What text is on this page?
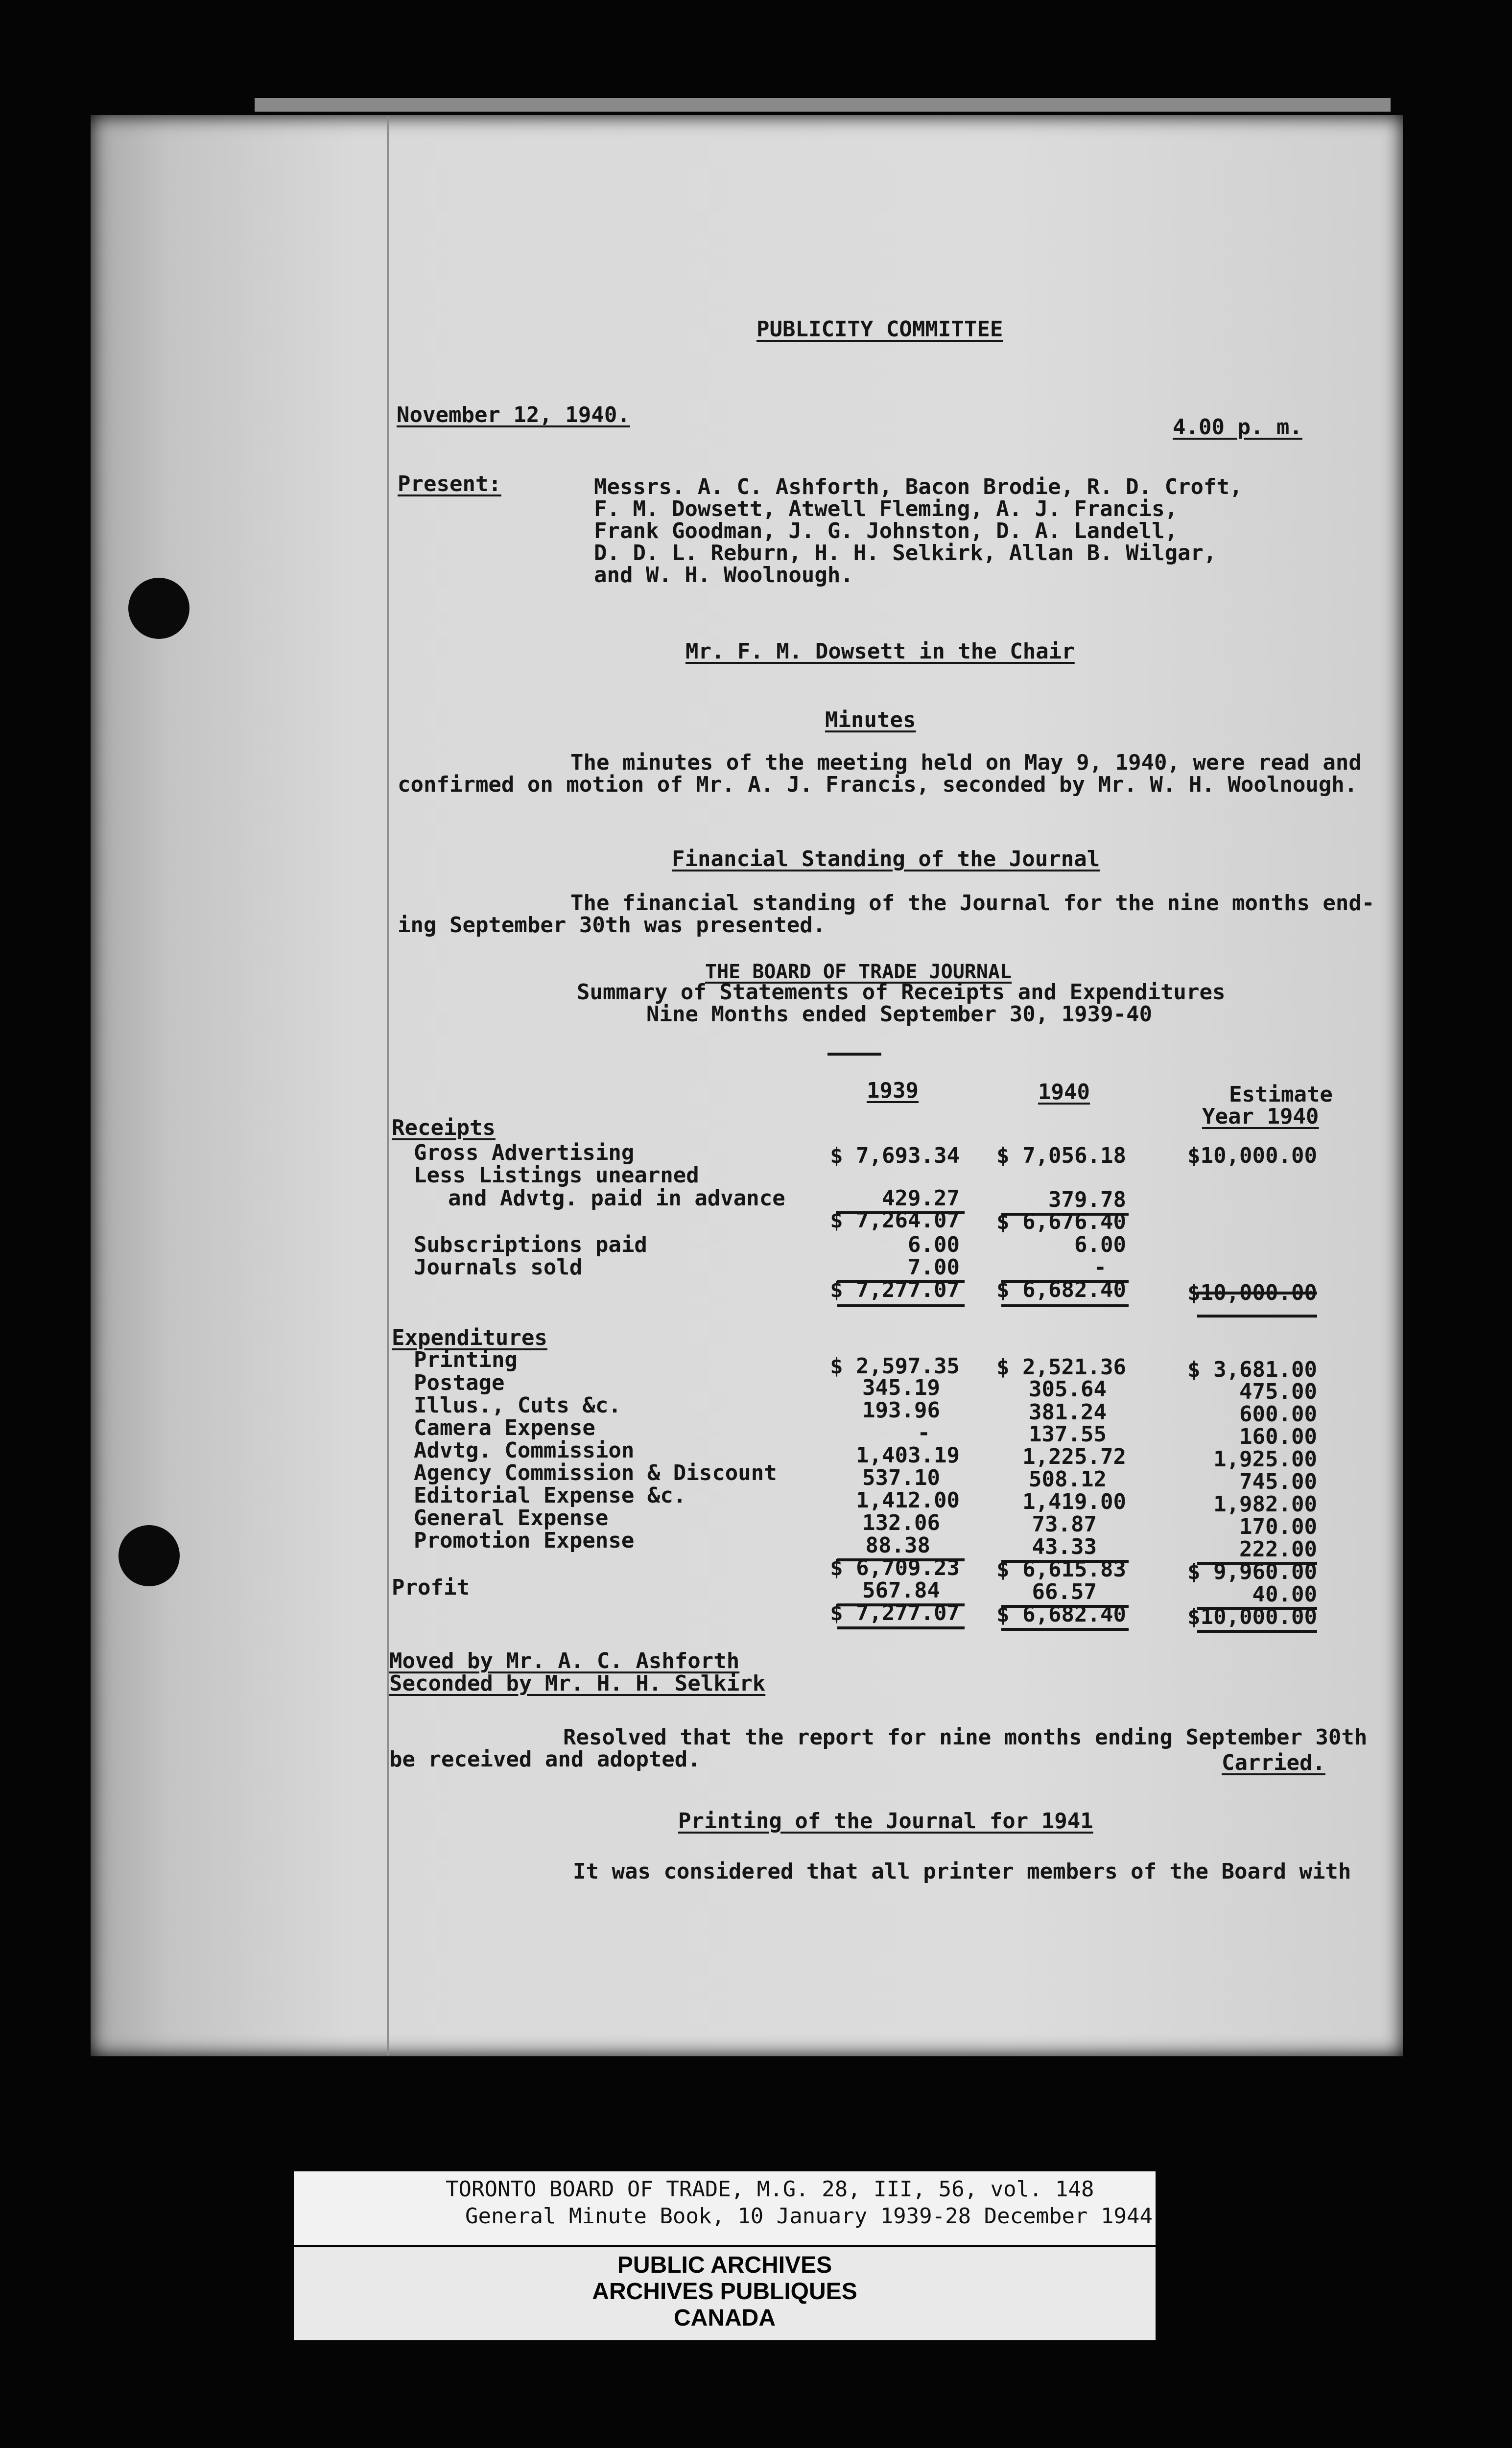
PUBLICITY COMMITTEE
November 12, 1940.	4.00 p. m.
Present:	Messrs. A. C. Ashforth, Bacon Brodie, R. D. Croft,
F. M. Dowsett, Atwell Fleming, A. J. Francis,
Frank Goodman, J. G. Johnston, D. A. Landell,
D. D. L. Reburn, H. H. Selkirk, Allan B. Wilgar,
and W. H. Woolnough.
Mr. F. M. Dowsett in the Chair
Minutes
The minutes of the meeting held on May 9, 1940, were read and
confirmed on motion of Mr. A. J. Francis, seconded by Mr. W. H. Woolnough.
Financial Standing of the Journal
The financial standing of the Journal for the nine months end-
ing September 30th was presented.
THE BOARD OF TRADE JOURNAL
Summary of Statements of Receipts and Expenditures
Nine Months ended September 30, 1939-40
1939	1940	Estimate
Year 1940
Receipts
Gross Advertising	$ 7,693.34	$ 7,056.18	$10,000.00
Less Listings unearned
and Advtg. paid in advance	429.27	379.78
$ 7,264.07	$ 6,676.40
Subscriptions paid	6.00	6.00
Journals sold	7.00	-
$ 7,277.07	$ 6,682.40	$10,000.00
Expenditures
Printing	$ 2,597.35	$ 2,521.36	$ 3,681.00
Postage	345.19	305.64	475.00
Illus., Cuts &c.	193.96	381.24	600.00
Camera Expense	-	137.55	160.00
Advtg. Commission	1,403.19	1,225.72	1,925.00
Agency Commission & Discount	537.10	508.12	745.00
Editorial Expense &c.	1,412.00	1,419.00	1,982.00
General Expense	132.06	73.87	170.00
Promotion Expense	88.38	43.33	222.00
$ 6,709.23	$ 6,615.83	$ 9,960.00
Profit	567.84	66.57	40.00
$ 7,277.07	$ 6,682.40	$10,000.00
Moved by Mr. A. C. Ashforth
Seconded by Mr. H. H. Selkirk
Resolved that the report for nine months ending September 30th
be received and adopted.	Carried.
Printing of the Journal for 1941
It was considered that all printer members of the Board with
TORONTO BOARD OF TRADE, M.G. 28, III, 56, vol. 148
General Minute Book, 10 January 1939-28 December 1944
PUBLIC ARCHIVES
ARCHIVES PUBLIQUES
CANADA
